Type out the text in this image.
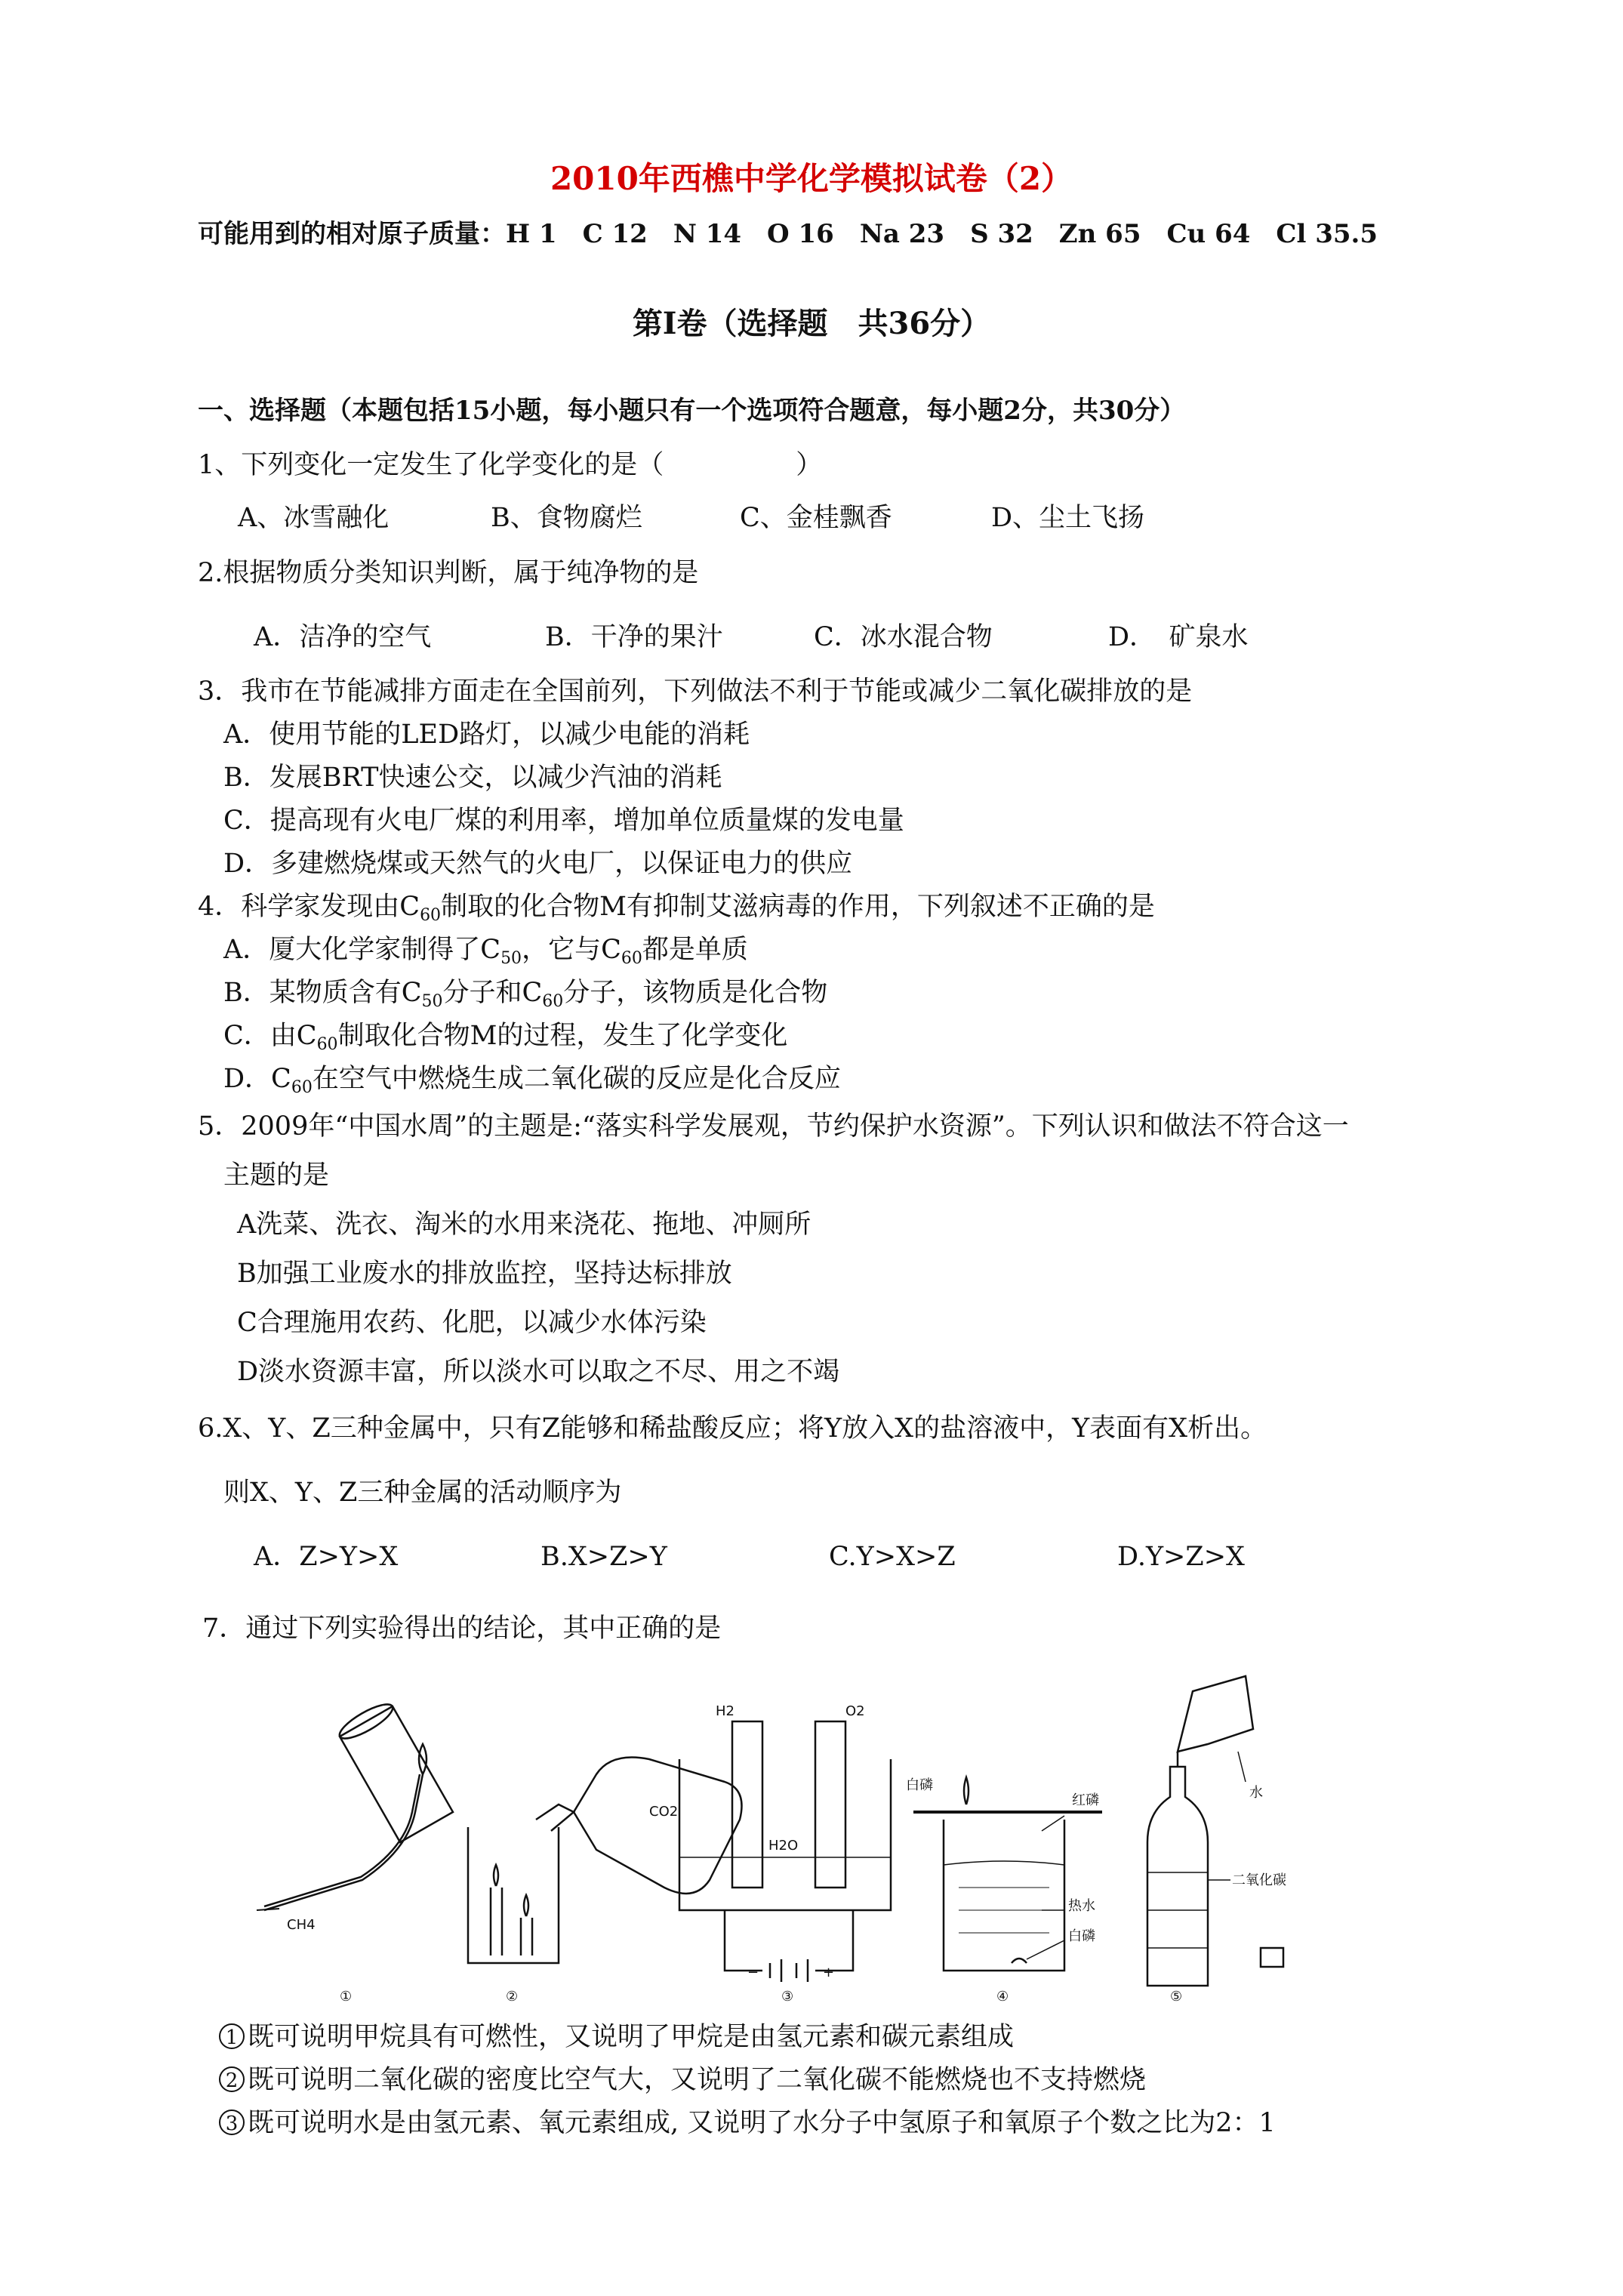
2010年西樵中学化学模拟试卷（2）
可能用到的相对原子质量：H 1　C 12　N 14　O 16　Na 23　S 32　Zn 65　Cu 64　Cl 35.5
第Ⅰ卷（选择题　共36分）
一、选择题（本题包括15小题，每小题只有一个选项符合题意，每小题2分，共30分）
1、下列变化一定发生了化学变化的是（　　　　　）
A、冰雪融化	B、食物腐烂	C、金桂飘香	D、尘土飞扬
2.根据物质分类知识判断，属于纯净物的是
A．洁净的空气	B．干净的果汁	C．冰水混合物	D．　矿泉水
3．我市在节能减排方面走在全国前列，下列做法不利于节能或减少二氧化碳排放的是
A．使用节能的LED路灯，以减少电能的消耗
B．发展BRT快速公交，以减少汽油的消耗
C．提高现有火电厂煤的利用率，增加单位质量煤的发电量
D．多建燃烧煤或天然气的火电厂，以保证电力的供应
4．科学家发现由$C_{60}$制取的化合物M有抑制艾滋病毒的作用，下列叙述不正确的是
A．厦大化学家制得了$C_{50}$，它与$C_{60}$都是单质
B．某物质含有$C_{50}$分子和$C_{60}$分子，该物质是化合物
C．由$C_{60}$制取化合物M的过程，发生了化学变化
D．$C_{60}$在空气中燃烧生成二氧化碳的反应是化合反应
5．2009年“中国水周”的主题是:“落实科学发展观，节约保护水资源”。下列认识和做法不符合这一
主题的是
A洗菜、洗衣、淘米的水用来浇花、拖地、冲厕所
B加强工业废水的排放监控，坚持达标排放
C合理施用农药、化肥，以减少水体污染
D淡水资源丰富，所以淡水可以取之不尽、用之不竭
6.X、Y、Z三种金属中，只有Z能够和稀盐酸反应；将Y放入X的盐溶液中，Y表面有X析出。
则X、Y、Z三种金属的活动顺序为
A．Z>Y>X	B.X>Z>Y	C.Y>X>Z	D.Y>Z>X
7．通过下列实验得出的结论，其中正确的是
CH4
CO2
H2	O2
H2O
−	+
白磷
红磷
热水
白磷
水
二氧化碳
①	②	③	④	⑤
1 既可说明甲烷具有可燃性，又说明了甲烷是由氢元素和碳元素组成
2 既可说明二氧化碳的密度比空气大，又说明了二氧化碳不能燃烧也不支持燃烧
3 既可说明水是由氢元素、氧元素组成, 又说明了水分子中氢原子和氧原子个数之比为2：1
